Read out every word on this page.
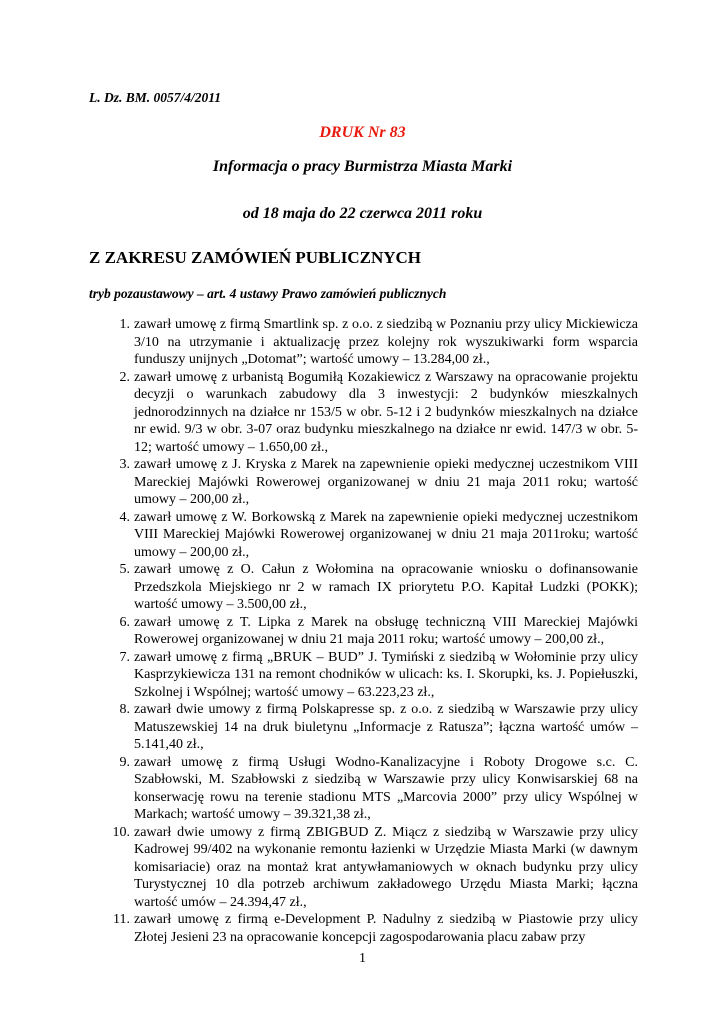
L. Dz. BM. 0057/4/2011
DRUK Nr 83
Informacja o pracy Burmistrza Miasta Marki
od 18 maja do 22 czerwca 2011 roku
Z ZAKRESU ZAMÓWIEŃ PUBLICZNYCH
tryb pozaustawowy – art. 4 ustawy Prawo zamówień publicznych
1. zawarł umowę z firmą Smartlink sp. z o.o. z siedzibą w Poznaniu przy ulicy Mickiewicza 3/10 na utrzymanie i aktualizację przez kolejny rok wyszukiwarki form wsparcia funduszy unijnych „Dotomat”; wartość umowy – 13.284,00 zł.,
2. zawarł umowę z urbanistą Bogumiłą Kozakiewicz z Warszawy na opracowanie projektu decyzji o warunkach zabudowy dla 3 inwestycji: 2 budynków mieszkalnych jednorodzinnych na działce nr 153/5 w obr. 5-12 i 2 budynków mieszkalnych na działce nr ewid. 9/3 w obr. 3-07 oraz budynku mieszkalnego na działce nr ewid. 147/3 w obr. 5-12; wartość umowy – 1.650,00 zł.,
3. zawarł umowę z J. Kryska z Marek na zapewnienie opieki medycznej uczestnikom VIII Mareckiej Majówki Rowerowej organizowanej w dniu 21 maja 2011 roku; wartość umowy – 200,00 zł.,
4. zawarł umowę z W. Borkowską z Marek na zapewnienie opieki medycznej uczestnikom VIII Mareckiej Majówki Rowerowej organizowanej w dniu 21 maja 2011roku; wartość umowy – 200,00 zł.,
5. zawarł umowę z O. Całun z Wołomina na opracowanie wniosku o dofinansowanie Przedszkola Miejskiego nr 2 w ramach IX priorytetu P.O. Kapitał Ludzki (POKK); wartość umowy – 3.500,00 zł.,
6. zawarł umowę z T. Lipka z Marek na obsługę techniczną VIII Mareckiej Majówki Rowerowej organizowanej w dniu 21 maja 2011 roku; wartość umowy – 200,00 zł.,
7. zawarł umowę z firmą „BRUK – BUD” J. Tymiński z siedzibą w Wołominie przy ulicy Kasprzykiewicza 131 na remont chodników w ulicach: ks. I. Skorupki, ks. J. Popiełuszki, Szkolnej i Wspólnej; wartość umowy – 63.223,23 zł.,
8. zawarł dwie umowy z firmą Polskapresse sp. z o.o. z siedzibą w Warszawie przy ulicy Matuszewskiej 14 na druk biuletynu „Informacje z Ratusza”; łączna wartość umów – 5.141,40 zł.,
9. zawarł umowę z firmą Usługi Wodno-Kanalizacyjne i Roboty Drogowe s.c. C. Szabłowski, M. Szabłowski z siedzibą w Warszawie przy ulicy Konwisarskiej 68 na konserwację rowu na terenie stadionu MTS „Marcovia 2000” przy ulicy Wspólnej w Markach; wartość umowy – 39.321,38 zł.,
10. zawarł dwie umowy z firmą ZBIGBUD Z. Miącz z siedzibą w Warszawie przy ulicy Kadrowej 99/402 na wykonanie remontu łazienki w Urzędzie Miasta Marki (w dawnym komisariacie) oraz na montaż krat antywłamaniowych w oknach budynku przy ulicy Turystycznej 10 dla potrzeb archiwum zakładowego Urzędu Miasta Marki; łączna wartość umów – 24.394,47 zł.,
11. zawarł umowę z firmą e-Development P. Nadulny z siedzibą w Piastowie przy ulicy Złotej Jesieni 23 na opracowanie koncepcji zagospodarowania placu zabaw przy
1
